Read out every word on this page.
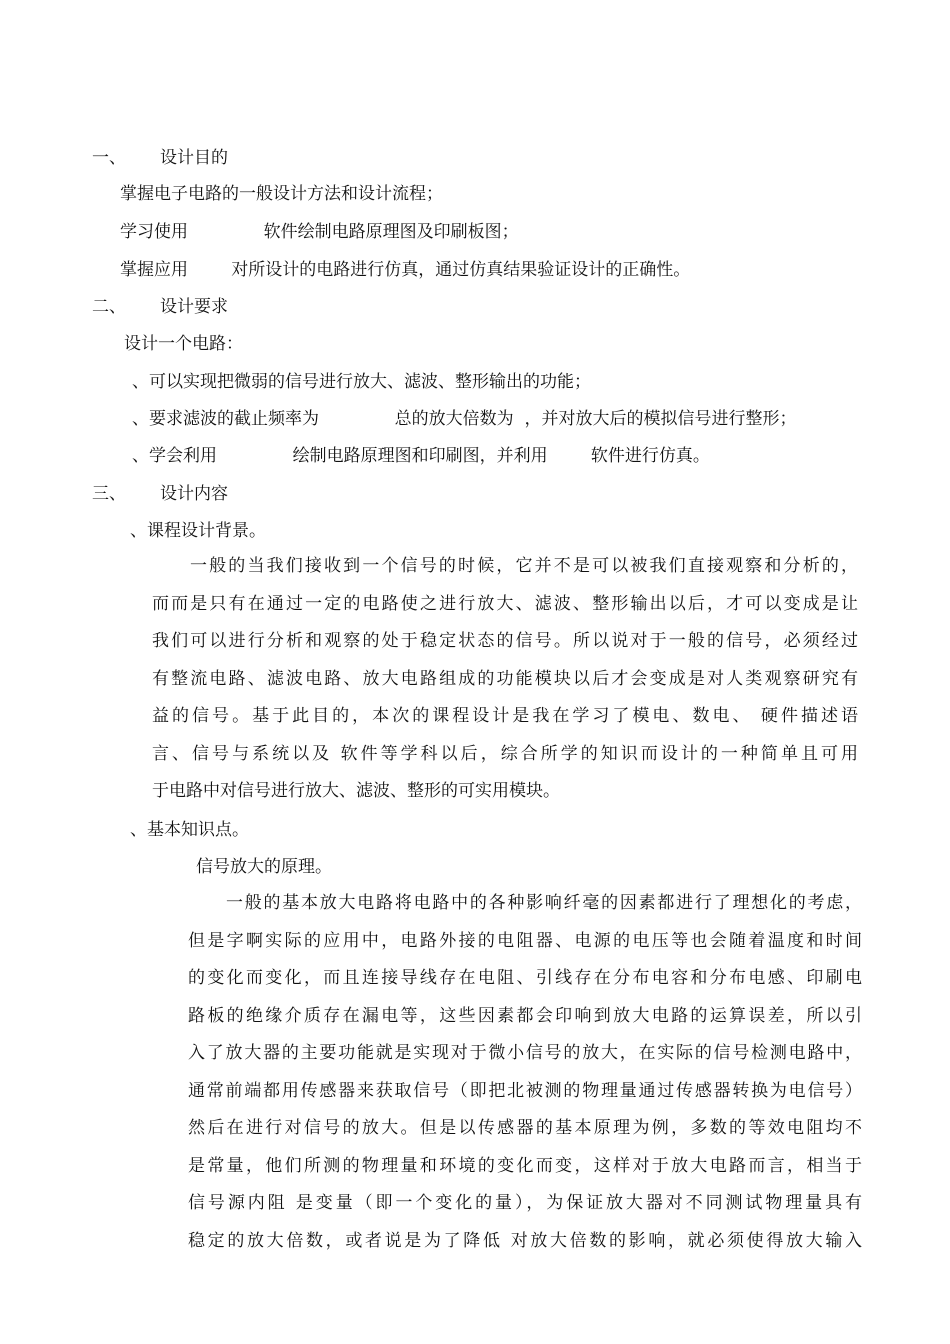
一、 设计目的
掌握电子电路的一般设计方法和设计流程；
学习使用              软件绘制电路原理图及印刷板图；
掌握应用        对所设计的电路进行仿真，通过仿真结果验证设计的正确性。
二、 设计要求
设计一个电路：
、可以实现把微弱的信号进行放大、滤波、整形输出的功能；
、要求滤波的截止频率为              总的放大倍数为  ，并对放大后的模拟信号进行整形；
、学会利用              绘制电路原理图和印刷图，并利用        软件进行仿真。
三、 设计内容
、课程设计背景。
一般的当我们接收到一个信号的时候，它并不是可以被我们直接观察和分析的，
而而是只有在通过一定的电路使之进行放大、滤波、整形输出以后，才可以变成是让
我们可以进行分析和观察的处于稳定状态的信号。所以说对于一般的信号，必须经过
有整流电路、滤波电路、放大电路组成的功能模块以后才会变成是对人类观察研究有
益的信号。基于此目的，本次的课程设计是我在学习了模电、数电、 硬件描述语
言、信号与系统以及 软件等学科以后，综合所学的知识而设计的一种简单且可用
于电路中对信号进行放大、滤波、整形的可实用模块。
、基本知识点。
信号放大的原理。
一般的基本放大电路将电路中的各种影响纤毫的因素都进行了理想化的考虑，
但是字啊实际的应用中，电路外接的电阻器、电源的电压等也会随着温度和时间
的变化而变化，而且连接导线存在电阻、引线存在分布电容和分布电感、印刷电
路板的绝缘介质存在漏电等，这些因素都会印响到放大电路的运算误差，所以引
入了放大器的主要功能就是实现对于微小信号的放大，在实际的信号检测电路中，
通常前端都用传感器来获取信号（即把北被测的物理量通过传感器转换为电信号）
然后在进行对信号的放大。但是以传感器的基本原理为例，多数的等效电阻均不
是常量，他们所测的物理量和环境的变化而变，这样对于放大电路而言，相当于
信号源内阻 是变量（即一个变化的量），为保证放大器对不同测试物理量具有
稳定的放大倍数，或者说是为了降低 对放大倍数的影响，就必须使得放大输入
